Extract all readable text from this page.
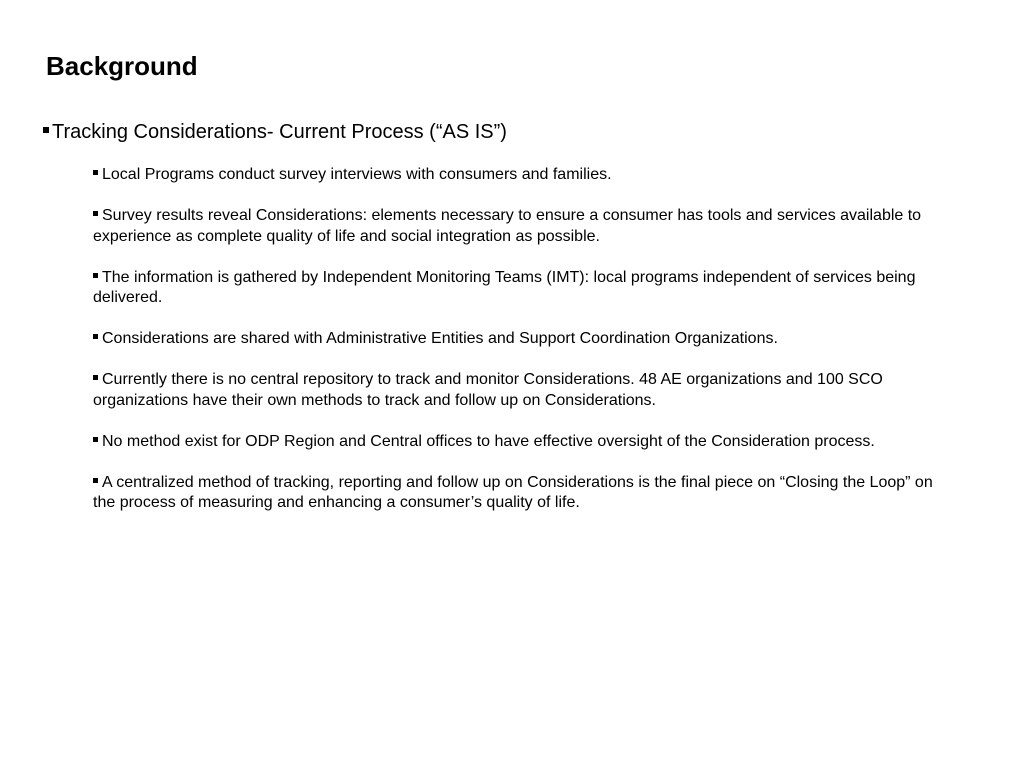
Background

Tracking Considerations- Current Process (“AS IS”)

Local Programs conduct survey interviews with consumers and families.
Survey results reveal Considerations: elements necessary to ensure a consumer has tools and services available to experience as complete quality of life and social integration as possible.
The information is gathered by Independent Monitoring Teams (IMT): local programs independent of services being delivered.
Considerations are shared with Administrative Entities and Support Coordination Organizations.
Currently there is no central repository to track and monitor Considerations. 48 AE organizations and 100 SCO organizations have their own methods to track and follow up on Considerations.
No method exist for ODP Region and Central offices to have effective oversight of the Consideration process.
A centralized method of tracking, reporting and follow up on Considerations is the final piece on “Closing the Loop” on the process of measuring and enhancing a consumer’s quality of life.
